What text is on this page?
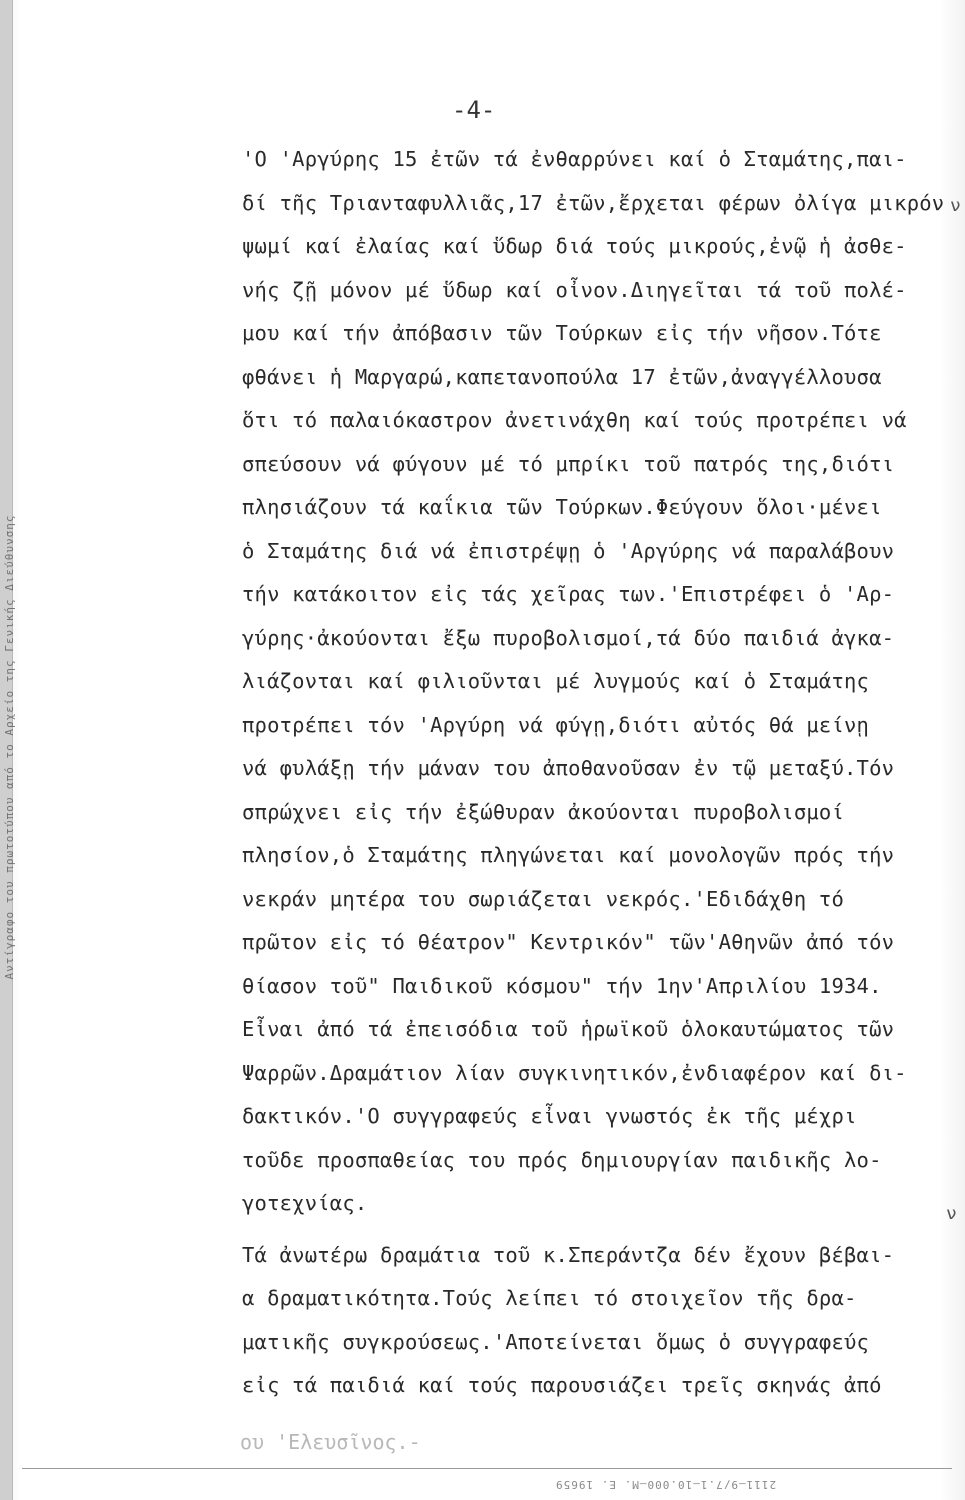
Αντίγραφο του πρωτοτύπου από το Αρχείο της Γενικής Διεύθυνσης
-4-
'Ο 'Αργύρης 15 ἐτῶν τά ἐνθαρρύνει καί ὁ Σταμάτης,παι-
δί τῆς Τριανταφυλλιᾶς,17 ἐτῶν,ἔρχεται φέρων ὀλίγα μικρόν
ψωμί καί ἐλαίας καί ὕδωρ διά τούς μικρούς,ἐνῷ ἡ ἀσθε-
νής ζῇ μόνον μέ ὕδωρ καί οἶνον.Διηγεῖται τά τοῦ πολέ-
μου καί τήν ἀπόβασιν τῶν Τούρκων εἰς τήν νῆσον.Τότε
φθάνει ἡ Μαργαρώ,καπετανοπούλα 17 ἐτῶν,ἀναγγέλλουσα
ὅτι τό παλαιόκαστρον ἀνετινάχθη καί τούς προτρέπει νά
σπεύσουν νά φύγουν μέ τό μπρίκι τοῦ πατρός της,διότι
πλησιάζουν τά καΐκια τῶν Τούρκων.Φεύγουν ὅλοι·μένει
ὁ Σταμάτης διά νά ἐπιστρέψῃ ὁ 'Αργύρης νά παραλάβουν
τήν κατάκοιτον εἰς τάς χεῖρας των.'Επιστρέφει ὁ 'Αρ-
γύρης·ἀκούονται ἔξω πυροβολισμοί,τά δύο παιδιά ἀγκα-
λιάζονται καί φιλιοῦνται μέ λυγμούς καί ὁ Σταμάτης
προτρέπει τόν 'Αργύρη νά φύγῃ,διότι αὐτός θά μείνῃ
νά φυλάξῃ τήν μάναν του ἀποθανοῦσαν ἐν τῷ μεταξύ.Τόν
σπρώχνει εἰς τήν ἐξώθυραν ἀκούονται πυροβολισμοί
πλησίον,ὁ Σταμάτης πληγώνεται καί μονολογῶν πρός τήν
νεκράν μητέρα του σωριάζεται νεκρός.'Εδιδάχθη τό
πρῶτον εἰς τό θέατρον" Κεντρικόν" τῶν'Αθηνῶν ἀπό τόν
θίασον τοῦ" Παιδικοῦ κόσμου" τήν 1ην'Απριλίου 1934.
Εἶναι ἀπό τά ἐπεισόδια τοῦ ἡρωϊκοῦ ὁλοκαυτώματος τῶν
Ψαρρῶν.Δραμάτιον λίαν συγκινητικόν,ἐνδιαφέρον καί δι-
δακτικόν.'Ο συγγραφεύς εἶναι γνωστός ἐκ τῆς μέχρι
τοῦδε προσπαθείας του πρός δημιουργίαν παιδικῆς λο-
γοτεχνίας.
Τά ἀνωτέρω δραμάτια τοῦ κ.Σπεράντζα δέν ἔχουν βέβαι-
α δραματικότητα.Τούς λείπει τό στοιχεῖον τῆς δρα-
ματικῆς συγκρούσεως.'Αποτείνεται ὅμως ὁ συγγραφεύς
εἰς τά παιδιά καί τούς παρουσιάζει τρεῖς σκηνάς ἀπό
ου 'Ελευσῖνος.-
ν
ν
2111—9/7.1—10.000—Μ. Ε. 19659
